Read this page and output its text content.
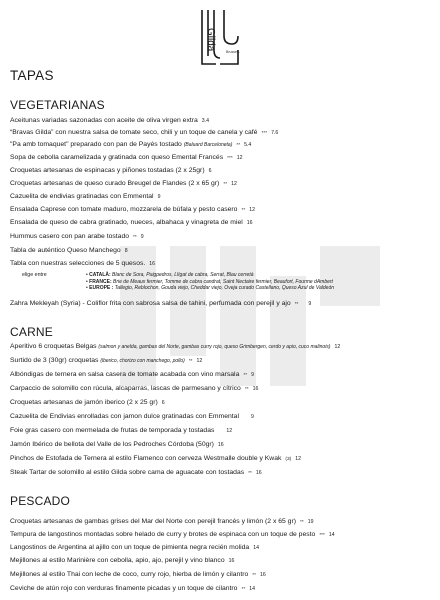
Gilda
Brussels
TAPAS
VEGETARIANAS
Aceitunas variadas sazonadas con aceite de oliva virgen extra 3.4
“Bravas Gilda” con nuestra salsa de tomate seco, chili y un toque de canela y café *** 7.6
"Pa amb tomaquet" preparado con pan de Payés tostado (Baluard Barceloneta) ** 5.4
Sopa de cebolla caramelizada y gratinada con queso Emental Francés *** 12
Croquetas artesanas de espinacas y piñones tostadas (2 x 25gr) 6
Croquetas artesanas de queso curado Breugel de Flandes (2 x 65 gr) ** 12
Cazuelita de endivias gratinadas con Emmental 9
Ensalada Caprese con tomate maduro, mozzarela de búfala y pesto casero ** 12
Ensalada de queso de cabra gratinado, nueces, albahaca y vinagreta de miel 16
Hummus casero con pan arabe tostado ** 9
Tabla de auténtico Queso Manchego 8
Tabla con nuestras selecciones de 5 quesos. 16
elige entre	• CATALÀ: Blanc de Sora, Puigpedros, Llígat de cabra, Serrat, Blau cerretà
• FRANCE: Brie de Meaux fermier, Tomme de cabra candrat, Saint Nectaire fermier, Beaufort, Fourme dAmbert
• EUROPE : Tallegio, Reblochon, Gouda viejo, Cheddar viejo, Oveja curado Castellano, Queso Azul de Valdeón
Zahra Mekleyah (Syria) - Coliflor frita con sabrosa salsa de tahini, perfumada con perejil y ajo ** 9
CARNE
Aperitivo 6 croquetas Belgas (salmon y anelda, gambas del Norte, gambas curry rojo, queso Grimbergen, cerdo y apio, cuco malinois) 12
Surtido de 3 (30gr) croquetas (iberico, chorizo con manchego, pollo) ** 12
Albóndigas de ternera en salsa casera de tomate acabada con vino marsala ** 9
Carpaccio de solomillo con rúcula, alcaparras, lascas de parmesano y cítrico ** 16
Croquetas artesanas de jamón iberico (2 x 25 gr) 6
Cazuelita de Endivias enrolladas con jamon dulce gratinadas con Emmental 9
Foie gras casero con mermelada de frutas de temporada y tostadas 12
Jamón Ibérico de bellota del Valle de los Pedroches Córdoba (50gr) 16
Pinchos de Estofada de Ternera al estilo Flamenco con cerveza Westmalle double y Kwak (3) 12
Steak Tartar de solomillo al estilo Gilda sobre cama de aguacate con tostadas ** 16
PESCADO
Croquetas artesanas de gambas grises del Mar del Norte con perejil francés y limón (2 x 65 gr) ** 19
Tempura de langostinos montadas sobre helado de curry y brotes de espinaca con un toque de pesto *** 14
Langostinos de Argentina al ajillo con un toque de pimienta negra recién molida 14
Mejillones al estilo Marinière con cebolla, apio, ajo, perejil y vino blanco 16
Mejillones al estilo Thai con leche de coco, curry rojo, hierba de limón y cilantro ** 16
Ceviche de atún rojo con verduras finamente picadas y un toque de cilantro ** 14
